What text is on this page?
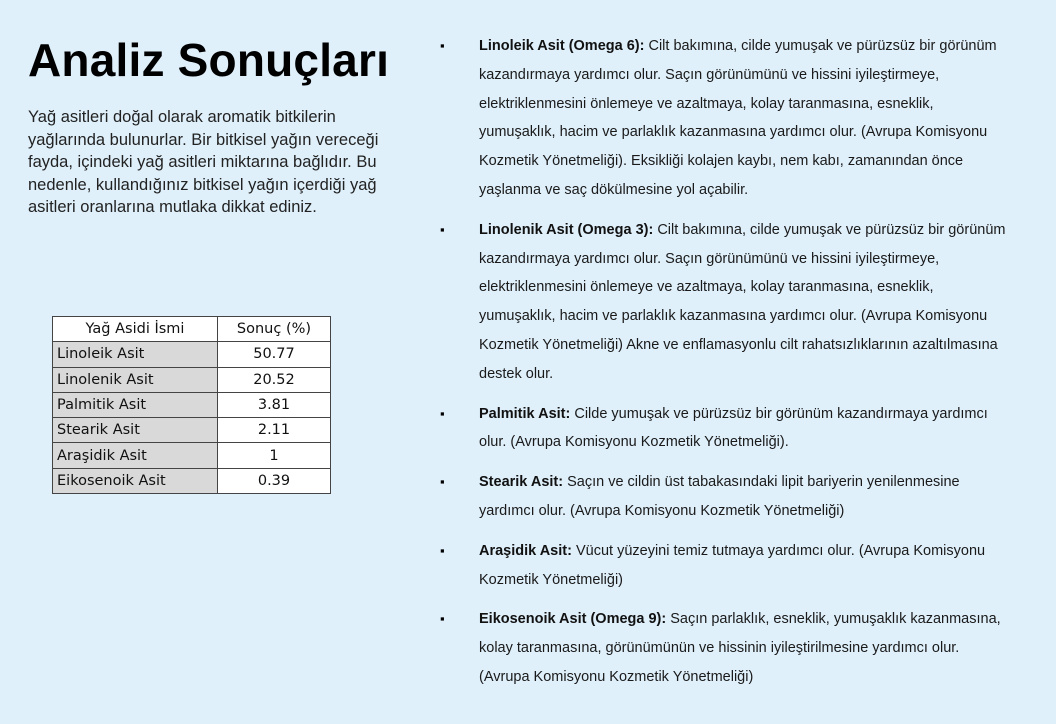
Analiz Sonuçları

Yağ asitleri doğal olarak aromatik bitkilerin yağlarında bulunurlar. Bir bitkisel yağın vereceği fayda, içindeki yağ asitleri miktarına bağlıdır. Bu nedenle, kullandığınız bitkisel yağın içerdiği yağ asitleri oranlarına mutlaka dikkat ediniz.

Yağ Asidi İsmi	Sonuç (%)
Linoleik Asit	50.77
Linolenik Asit	20.52
Palmitik Asit	3.81
Stearik Asit	2.11
Araşidik Asit	1
Eikosenoik Asit	0.39
▪ Linoleik Asit (Omega 6): Cilt bakımına, cilde yumuşak ve pürüzsüz bir görünüm kazandırmaya yardımcı olur. Saçın görünümünü ve hissini iyileştirmeye, elektriklenmesini önlemeye ve azaltmaya, kolay taranmasına, esneklik, yumuşaklık, hacim ve parlaklık kazanmasına yardımcı olur. (Avrupa Komisyonu Kozmetik Yönetmeliği). Eksikliği kolajen kaybı, nem kabı, zamanından önce yaşlanma ve saç dökülmesine yol açabilir.
▪ Linolenik Asit (Omega 3): Cilt bakımına, cilde yumuşak ve pürüzsüz bir görünüm kazandırmaya yardımcı olur. Saçın görünümünü ve hissini iyileştirmeye, elektriklenmesini önlemeye ve azaltmaya, kolay taranmasına, esneklik, yumuşaklık, hacim ve parlaklık kazanmasına yardımcı olur. (Avrupa Komisyonu Kozmetik Yönetmeliği) Akne ve enflamasyonlu cilt rahatsızlıklarının azaltılmasına destek olur.
▪ Palmitik Asit: Cilde yumuşak ve pürüzsüz bir görünüm kazandırmaya yardımcı olur. (Avrupa Komisyonu Kozmetik Yönetmeliği).
▪ Stearik Asit: Saçın ve cildin üst tabakasındaki lipit bariyerin yenilenmesine yardımcı olur. (Avrupa Komisyonu Kozmetik Yönetmeliği)
▪ Araşidik Asit: Vücut yüzeyini temiz tutmaya yardımcı olur. (Avrupa Komisyonu Kozmetik Yönetmeliği)
▪ Eikosenoik Asit (Omega 9): Saçın parlaklık, esneklik, yumuşaklık kazanmasına, kolay taranmasına, görünümünün ve hissinin iyileştirilmesine yardımcı olur. (Avrupa Komisyonu Kozmetik Yönetmeliği)
